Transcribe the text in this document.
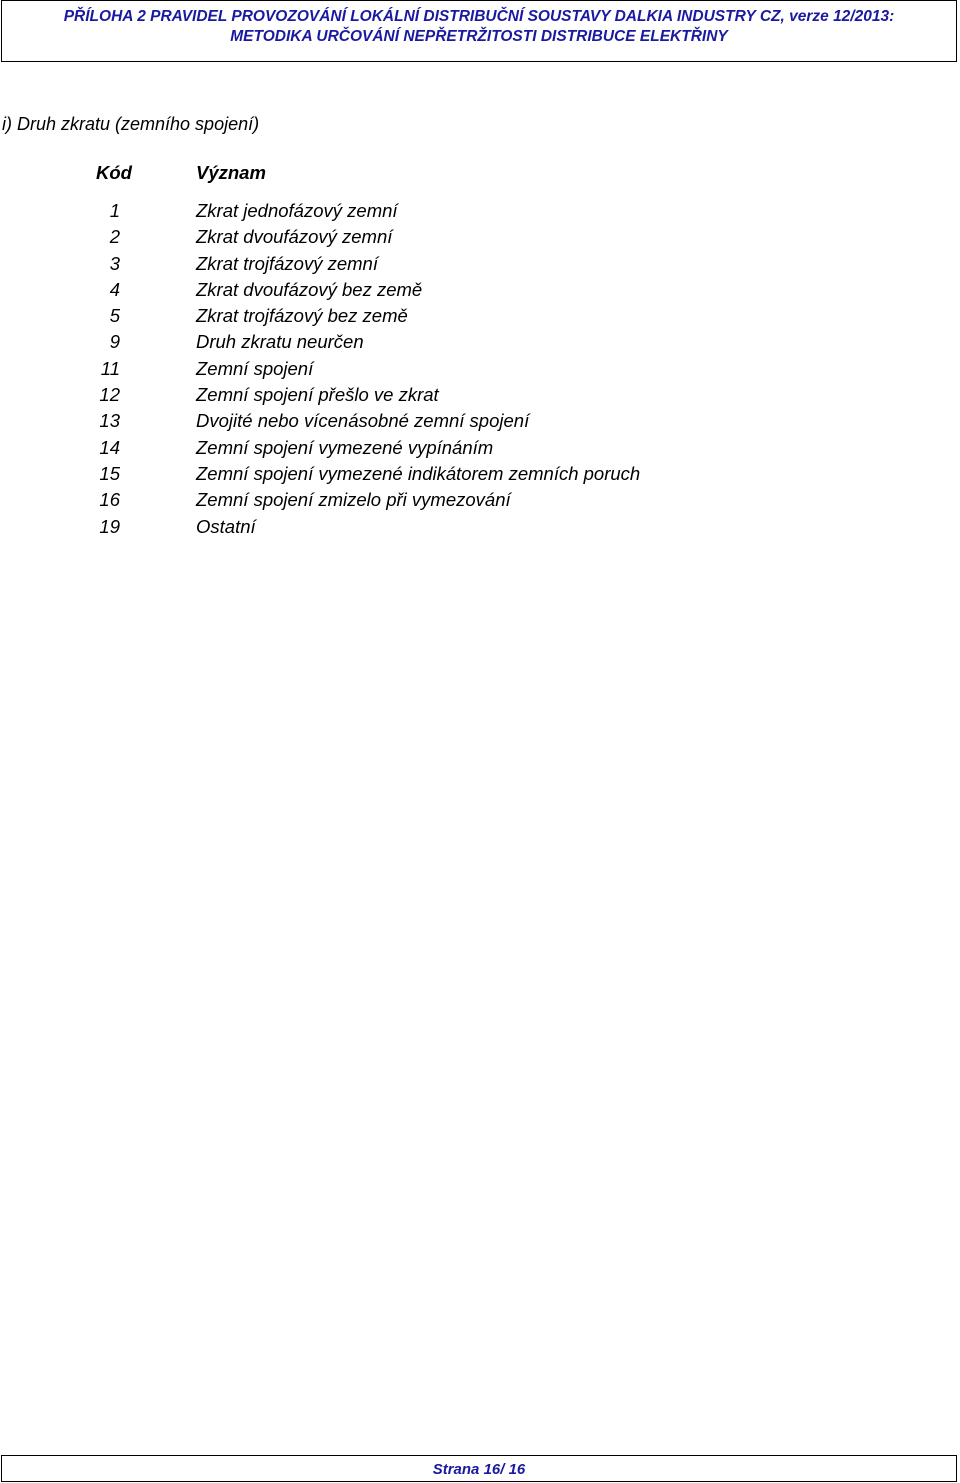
PŘÍLOHA 2 PRAVIDEL PROVOZOVÁNÍ LOKÁLNÍ DISTRIBUČNÍ SOUSTAVY DALKIA INDUSTRY CZ, verze 12/2013:
METODIKA URČOVÁNÍ NEPŘETRŽITOSTI DISTRIBUCE ELEKTŘINY
i) Druh zkratu (zemního spojení)
Kód	Význam
1	Zkrat jednofázový zemní
2	Zkrat dvoufázový zemní
3	Zkrat trojfázový zemní
4	Zkrat dvoufázový bez země
5	Zkrat trojfázový bez země
9	Druh zkratu neurčen
11	Zemní spojení
12	Zemní spojení přešlo ve zkrat
13	Dvojité nebo vícenásobné zemní spojení
14	Zemní spojení vymezené vypínáním
15	Zemní spojení vymezené indikátorem zemních poruch
16	Zemní spojení zmizelo při vymezování
19	Ostatní
Strana 16/ 16
